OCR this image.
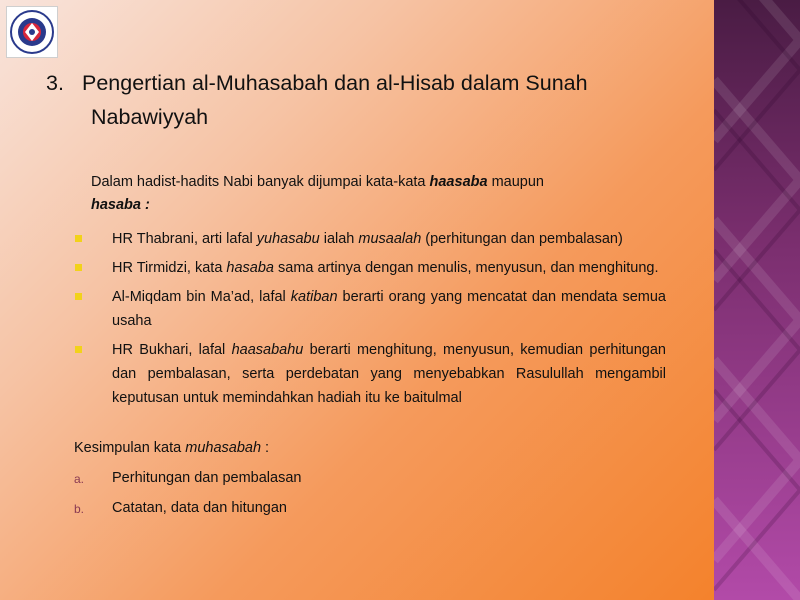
3. Pengertian al-Muhasabah dan al-Hisab dalam Sunah
Nabawiyyah
Dalam hadist-hadits Nabi banyak dijumpai kata-kata haasaba maupun
hasaba :
HR Thabrani, arti lafal yuhasabu ialah musaalah (perhitungan dan pembalasan)
HR Tirmidzi, kata hasaba sama artinya dengan menulis, menyusun, dan menghitung.
Al-Miqdam bin Ma’ad, lafal katiban berarti orang yang mencatat dan mendata semua usaha
HR Bukhari, lafal haasabahu berarti menghitung, menyusun, kemudian perhitungan dan pembalasan, serta perdebatan yang menyebabkan Rasulullah mengambil keputusan untuk memindahkan hadiah itu ke baitulmal
Kesimpulan kata muhasabah :
a. Perhitungan dan pembalasan
b. Catatan, data dan hitungan
